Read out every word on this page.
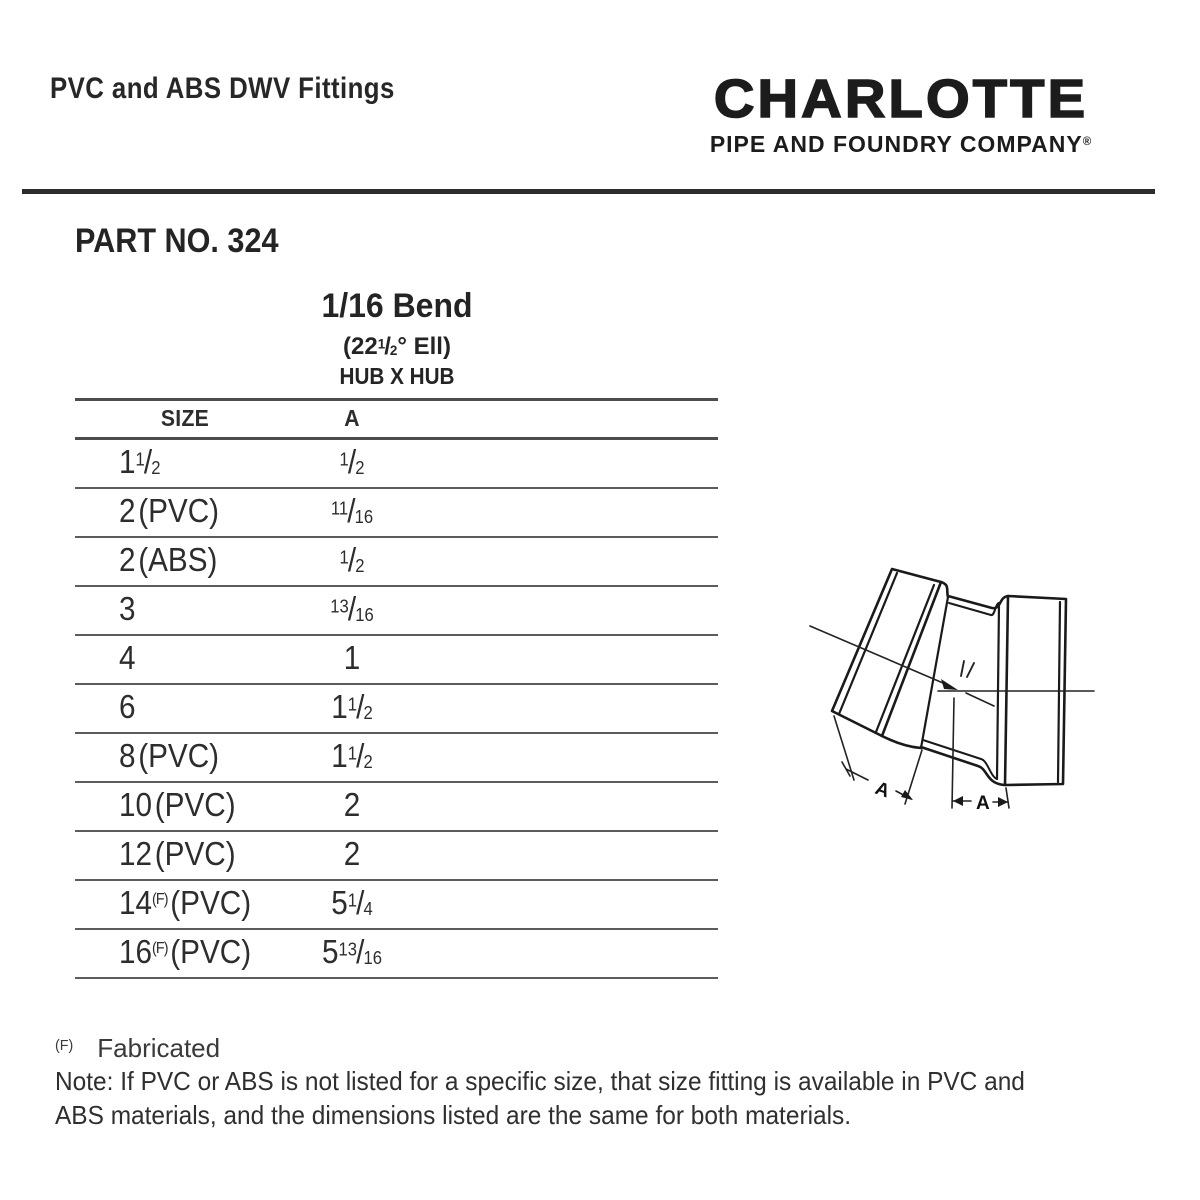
PVC and ABS DWV Fittings	CHARLOTTE
PIPE AND FOUNDRY COMPANY®
PART NO. 324
1/16 Bend
($22^1/_2^\circ$ Ell)
HUB X HUB
SIZE	A
$1^1/_2$	$^1/_2$
2(PVC)	$^{11}/_{16}$
2(ABS)	$^1/_2$
3	$^{13}/_{16}$
4	1
6	$1^1/_2$
8(PVC)	$1^1/_2$
10(PVC)	2
12(PVC)	2
14$^{(F)}$(PVC)	$5^1/_4$
16$^{(F)}$(PVC)	$5^{13}/_{16}$
A
A
$^{(F)}$ Fabricated
Note: If PVC or ABS is not listed for a specific size, that size fitting is available in PVC and
ABS materials, and the dimensions listed are the same for both materials.
